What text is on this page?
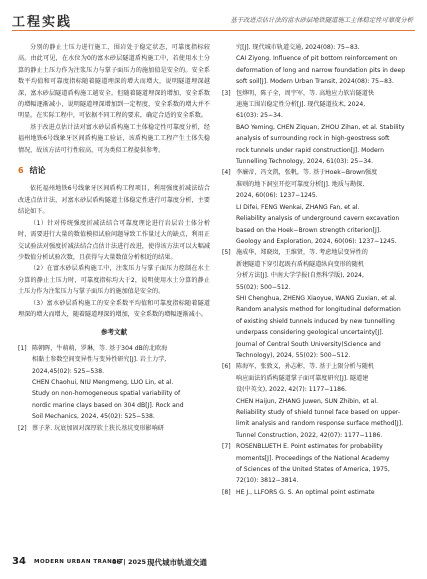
工程实践	基于改进点估计法的富水砂层地铁隧道施工主体稳定性可靠度分析

分别的静止土压力进行施工，围岩处于稳定状态，可靠度指标较高。由此可见，在水位为0的富水砂层隧道盾构施工中，若使用水土分算的静止土压力作为注浆压力与掌子面压力的施加值是安全的。安全系数平均值和可靠度指标随着隧道埋深的增大而增大，说明隧道埋深越深，富水砂层隧道盾构施工越安全。但随着隧道埋深的增加，安全系数的增幅逐渐减小，说明隧道埋深增加到一定程度，安全系数的增大并不明显。在实际工程中，可依据不同工程的要求，确定合适的安全系数。

基于改进点估计法对富水砂层盾构施工主体稳定性可靠度分析，经福州地铁6号线象牙区间盾构施工验证，该盾构施工工程产生土体失稳情况，故该方法可行性较高，可为类似工程提供参考。

6 结论

依托福州地铁6号线象牙区间盾构工程项目，利用强度折减法结合改进点估计法，对富水砂层盾构隧道土体稳定性进行可靠度分析，主要结论如下。

（1）针对传统强度折减法结合可靠度理论进行岩层岩土体分析时，需要进行大量的数值模拟试验问题导致工作量过大的缺点，利用正交试验法对强度折减法结合点估计法进行改进，使得该方法可以大幅减少数值分析试验次数，且获得与大量数值分析相近的结果。

（2）在富水砂层盾构施工中，注浆压力与掌子面压力控制在水土分算的静止土压力时，可靠度指标均大于2，说明使用水土分算的静止土压力作为注浆压力与掌子面压力的施加值是安全的。

（3）富水砂层盾构施工的安全系数平均值和可靠度指标随着隧道埋深的增大而增大，随着隧道埋深的增加，安全系数的增幅逐渐减小。

参考文献
[1] 陈朝晖，牛萌萌，罗琳，等. 基于304 dB的北欧海
相黏土参数空间变异性与变异性研究[J]. 岩土力学,
2024,45(02): 525−538.
CHEN Chaohui, NIU Mengmeng, LUO Lin, et al.
Study on non-homogeneous spatial variability of
nordic marine clays based on 304 dB[J]. Rock and
Soil Mechanics, 2024, 45(02): 525−538.
[2] 蔡子茅. 玩底加固对深厚软土狭长基坑变形影响研
究[J]. 现代城市轨道交通, 2024(08): 75−83.
CAI Ziyong. Influence of pit bottom reinforcement on
deformation of long and narrow foundation pits in deep
soft soil[J]. Modern Urban Transit, 2024(08): 75−83.
[3] 包烨明，陈子全，周宇军，等. 高地应力软岩隧道快
速施工围岩稳定性分析[J]. 现代隧道技术, 2024,
61(03): 25−34.
BAO Yeming, CHEN Ziquan, ZHOU Zihan, et al. Stability
analysis of surrounding rock in high-geostress soft
rock tunnels under rapid construction[J]. Modern
Tunnelling Technology, 2024, 61(03): 25−34.
[4] 李廉帝，冯文凯，张帆，等. 基于Hoek−Brown强度
准则的地下洞室开挖可靠度分析[J]. 地质与勘探,
2024, 60(06): 1237−1245.
LI Difei, FENG Wenkai, ZHANG Fan, et al.
Reliability analysis of underground cavern excavation
based on the Hoek−Brown strength criterion[J].
Geology and Exploration, 2024, 60(06): 1237−1245.
[5] 施成华，郑晓岚，王维贤，等. 考虑地层变异性的
新建隧道下穿引起既有盾构隧道纵向变形的随机
分析方法[J]. 中南大学学报(自然科学版), 2024,
55(02): 500−512.
SHI Chenghua, ZHENG Xiaoyue, WANG Zuxian, et al.
Random analysis method for longitudinal deformation
of existing shield tunnels induced by new tunnelling
underpass considering geological uncertainty[J].
Journal of Central South University(Science and
Technology), 2024, 55(02): 500−512.
[6] 陈海军，张敦义，孙志彬，等. 基于上限分析与随机
响应面法的盾构隧道掌子面可靠度研究[J]. 隧道建
设(中英文), 2022, 42(7): 1177−1186.
CHEN Haijun, ZHANG Juwen, SUN Zhibin, et al.
Reliability study of shield tunnel face based on upper-
limit analysis and random response surface method[J].
Tunnel Construction, 2022, 42(07): 1177−1186.
[7] ROSENBLUETH E. Point estimates for probability
moments[J]. Proceedings of the National Academy
of Sciences of the United States of America, 1975,
72(10): 3812−3814.
[8] HE J., LLFORS G. S. An optimal point estimate
34 MODERN URBAN TRANSIT
06 | 2025 现代城市轨道交通
